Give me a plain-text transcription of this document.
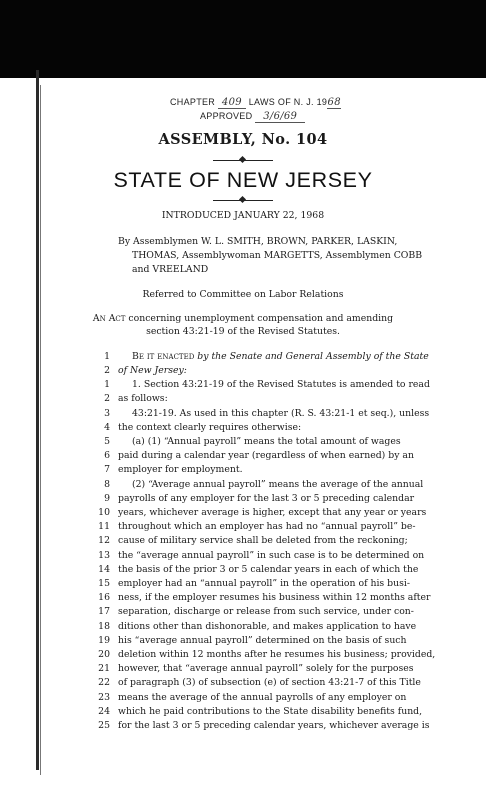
CHAPTER 409 LAWS OF N. J. 1968
APPROVED 3/6/69
ASSEMBLY, No. 104
STATE OF NEW JERSEY
INTRODUCED JANUARY 22, 1968
By Assemblymen W. L. SMITH, BROWN, PARKER, LASKIN,
THOMAS, Assemblywoman MARGETTS, Assemblymen COBB
and VREELAND
Referred to Committee on Labor Relations
An Act concerning unemployment compensation and amending
section 43:21-19 of the Revised Statutes.
1 Be it enacted by the Senate and General Assembly of the State
2 of New Jersey:
1 1. Section 43:21-19 of the Revised Statutes is amended to read
2 as follows:
3 43:21-19. As used in this chapter (R. S. 43:21-1 et seq.), unless
4 the context clearly requires otherwise:
5 (a) (1) “Annual payroll” means the total amount of wages
6 paid during a calendar year (regardless of when earned) by an
7 employer for employment.
8 (2) “Average annual payroll” means the average of the annual
9 payrolls of any employer for the last 3 or 5 preceding calendar
10 years, whichever average is higher, except that any year or years
11 throughout which an employer has had no “annual payroll” be-
12 cause of military service shall be deleted from the reckoning;
13 the “average annual payroll” in such case is to be determined on
14 the basis of the prior 3 or 5 calendar years in each of which the
15 employer had an “annual payroll” in the operation of his busi-
16 ness, if the employer resumes his business within 12 months after
17 separation, discharge or release from such service, under con-
18 ditions other than dishonorable, and makes application to have
19 his “average annual payroll” determined on the basis of such
20 deletion within 12 months after he resumes his business; provided,
21 however, that “average annual payroll” solely for the purposes
22 of paragraph (3) of subsection (e) of section 43:21-7 of this Title
23 means the average of the annual payrolls of any employer on
24 which he paid contributions to the State disability benefits fund,
25 for the last 3 or 5 preceding calendar years, whichever average is
